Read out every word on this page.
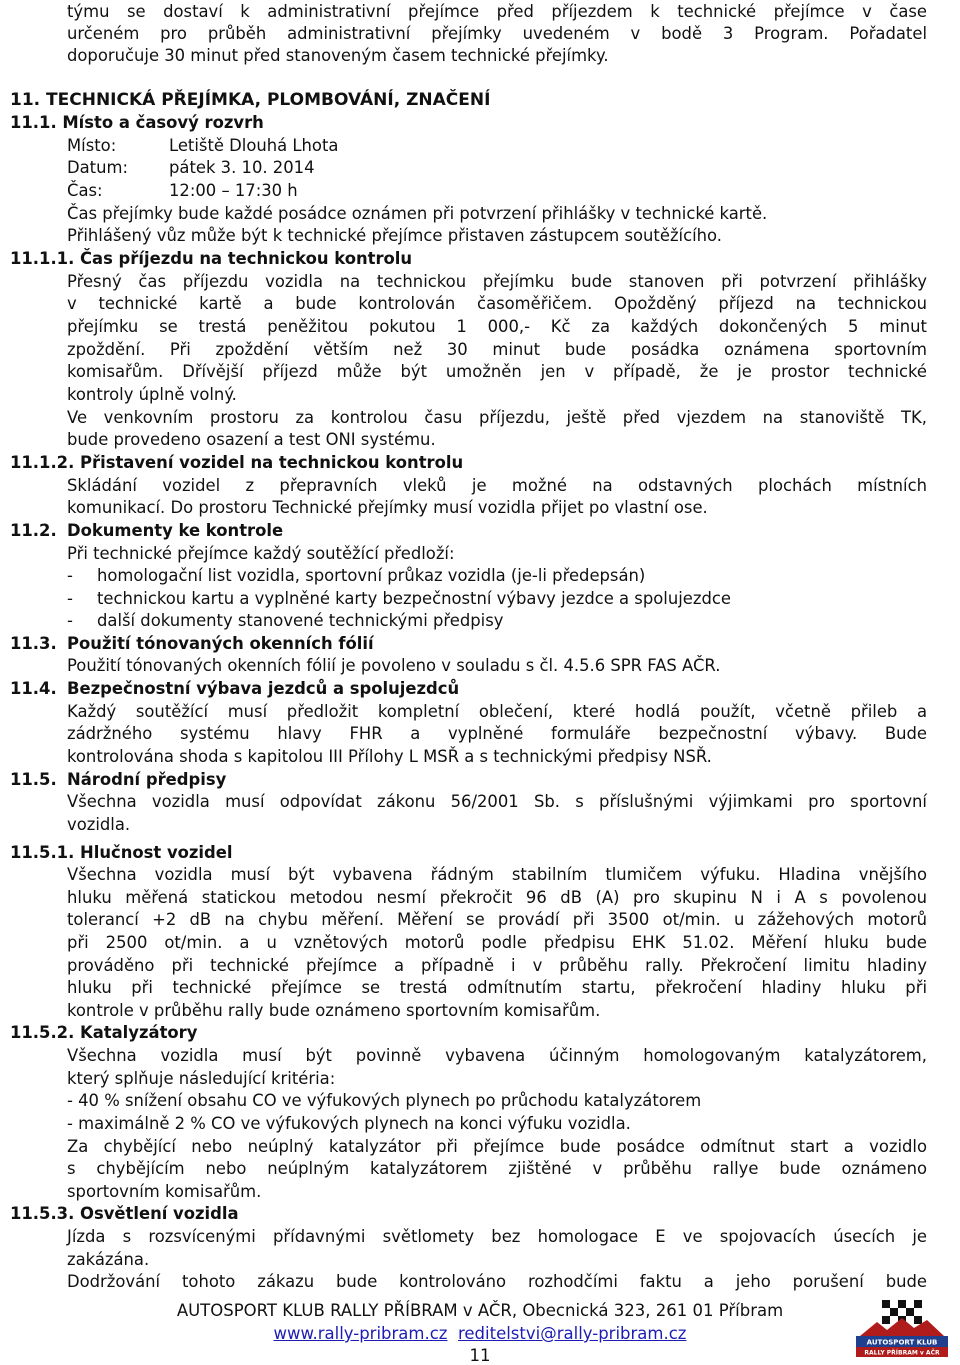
týmu se dostaví k administrativní přejímce před příjezdem k technické přejímce v čase
určeném pro průběh administrativní přejímky uvedeném v bodě 3 Program. Pořadatel
doporučuje 30 minut před stanoveným časem technické přejímky.
11. TECHNICKÁ PŘEJÍMKA, PLOMBOVÁNÍ, ZNAČENÍ
11.1. Místo a časový rozvrh
Místo:	Letiště Dlouhá Lhota
Datum:	pátek 3. 10. 2014
Čas:	12:00 – 17:30 h
Čas přejímky bude každé posádce oznámen při potvrzení přihlášky v technické kartě.
Přihlášený vůz může být k technické přejímce přistaven zástupcem soutěžícího.
11.1.1. Čas příjezdu na technickou kontrolu
Přesný čas příjezdu vozidla na technickou přejímku bude stanoven při potvrzení přihlášky
v technické kartě a bude kontrolován časoměřičem. Opožděný příjezd na technickou
přejímku se trestá peněžitou pokutou 1 000,- Kč za každých dokončených 5 minut
zpoždění. Při zpoždění větším než 30 minut bude posádka oznámena sportovním
komisařům. Dřívější příjezd může být umožněn jen v případě, že je prostor technické
kontroly úplně volný.
Ve venkovním prostoru za kontrolou času příjezdu, ještě před vjezdem na stanoviště TK,
bude provedeno osazení a test ONI systému.
11.1.2. Přistavení vozidel na technickou kontrolu
Skládání vozidel z přepravních vleků je možné na odstavných plochách místních
komunikací. Do prostoru Technické přejímky musí vozidla přijet po vlastní ose.
11.2. Dokumenty ke kontrole
Při technické přejímce každý soutěžící předloží:
- homologační list vozidla, sportovní průkaz vozidla (je-li předepsán)
- technickou kartu a vyplněné karty bezpečnostní výbavy jezdce a spolujezdce
- další dokumenty stanovené technickými předpisy
11.3. Použití tónovaných okenních fólií
Použití tónovaných okenních fólií je povoleno v souladu s čl. 4.5.6 SPR FAS AČR.
11.4. Bezpečnostní výbava jezdců a spolujezdců
Každý soutěžící musí předložit kompletní oblečení, které hodlá použít, včetně přileb a
zádržného systému hlavy FHR a vyplněné formuláře bezpečnostní výbavy. Bude
kontrolována shoda s kapitolou III Přílohy L MSŘ a s technickými předpisy NSŘ.
11.5. Národní předpisy
Všechna vozidla musí odpovídat zákonu 56/2001 Sb. s příslušnými výjimkami pro sportovní
vozidla.
11.5.1. Hlučnost vozidel
Všechna vozidla musí být vybavena řádným stabilním tlumičem výfuku. Hladina vnějšího
hluku měřená statickou metodou nesmí překročit 96 dB (A) pro skupinu N i A s povolenou
tolerancí +2 dB na chybu měření. Měření se provádí při 3500 ot/min. u zážehových motorů
při 2500 ot/min. a u vznětových motorů podle předpisu EHK 51.02. Měření hluku bude
prováděno při technické přejímce a případně i v průběhu rally. Překročení limitu hladiny
hluku při technické přejímce se trestá odmítnutím startu, překročení hladiny hluku při
kontrole v průběhu rally bude oznámeno sportovním komisařům.
11.5.2. Katalyzátory
Všechna vozidla musí být povinně vybavena účinným homologovaným katalyzátorem,
který splňuje následující kritéria:
- 40 % snížení obsahu CO ve výfukových plynech po průchodu katalyzátorem
- maximálně 2 % CO ve výfukových plynech na konci výfuku vozidla.
Za chybějící nebo neúplný katalyzátor při přejímce bude posádce odmítnut start a vozidlo
s chybějícím nebo neúplným katalyzátorem zjištěné v průběhu rallye bude oznámeno
sportovním komisařům.
11.5.3. Osvětlení vozidla
Jízda s rozsvícenými přídavnými světlomety bez homologace E ve spojovacích úsecích je
zakázána.
Dodržování tohoto zákazu bude kontrolováno rozhodčími faktu a jeho porušení bude
AUTOSPORT KLUB RALLY PŘÍBRAM v AČR, Obecnická 323, 261 01 Příbram
www.rally-pribram.cz reditelstvi@rally-pribram.cz
11
AUTOSPORT KLUB
RALLY PŘÍBRAM v AČR
